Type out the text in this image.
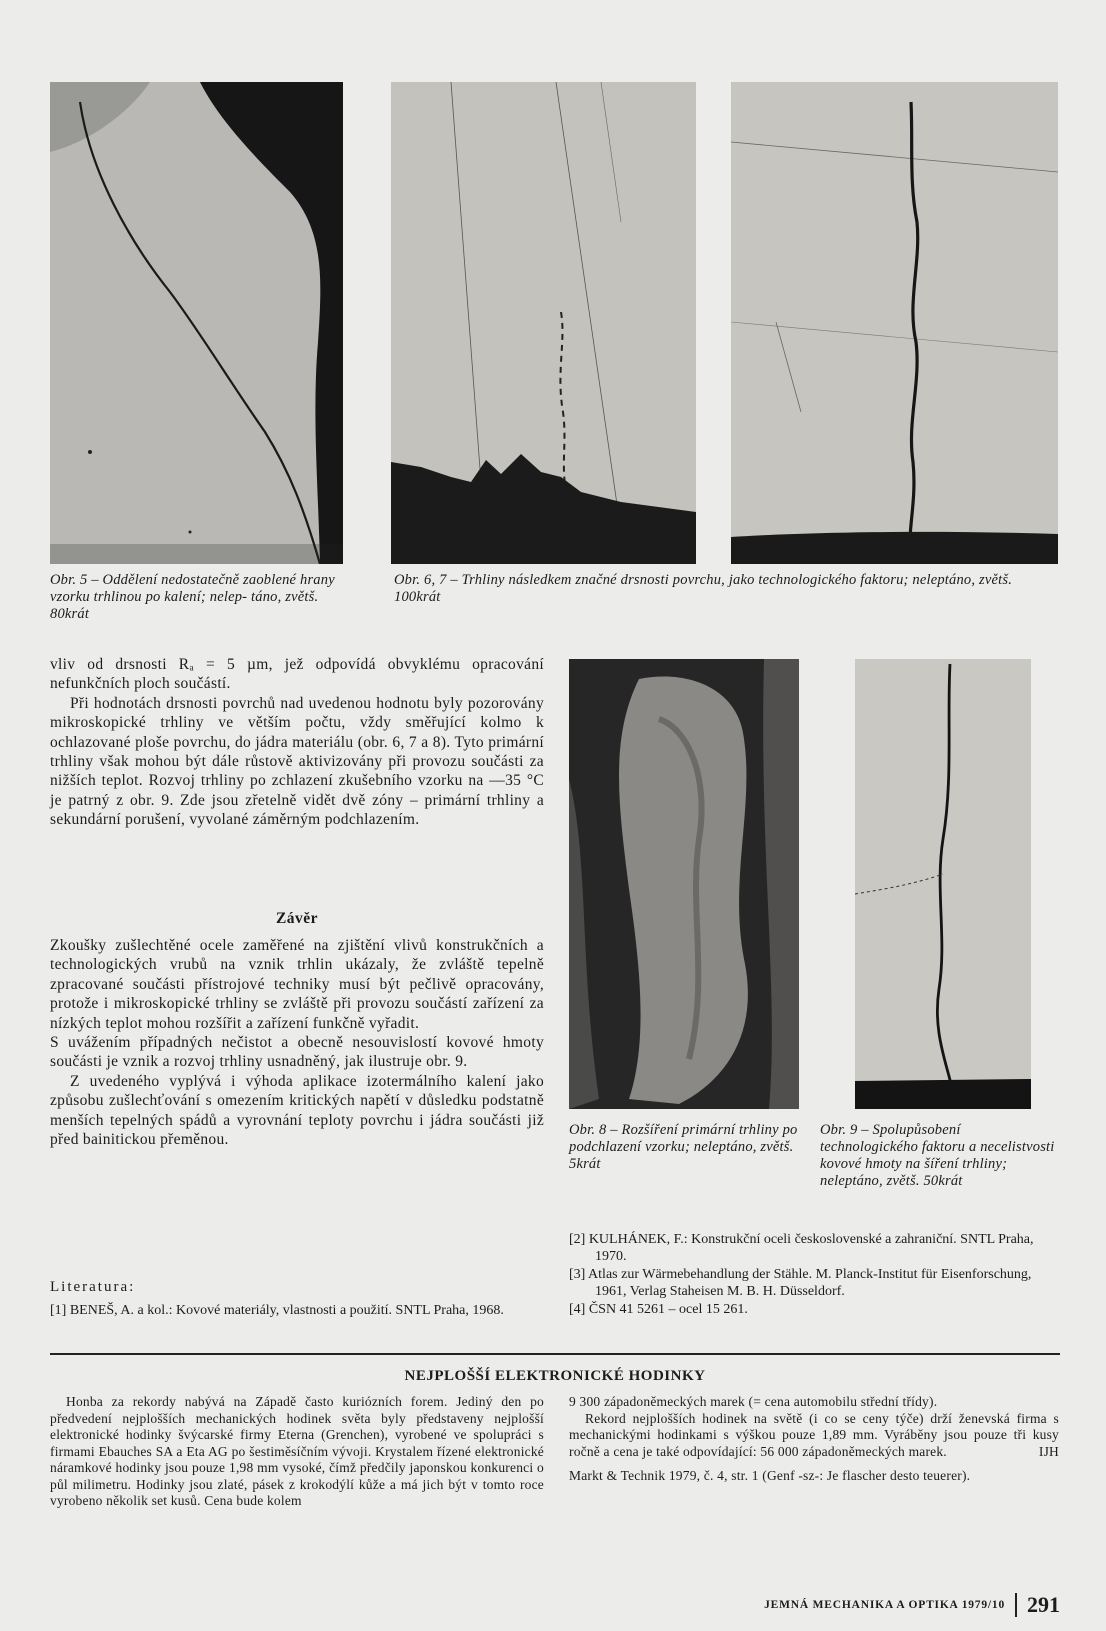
Obr. 5 – Oddělení nedostatečně zaoblené hrany vzorku trhlinou po kalení; nelep- táno, zvětš. 80krát
Obr. 6, 7 – Trhliny následkem značné drsnosti povrchu, jako technologického faktoru; neleptáno, zvětš. 100krát

vliv od drsnosti Rₐ = 5 µm, jež odpovídá obvyklému opracování nefunkčních ploch součástí.

Při hodnotách drsnosti povrchů nad uvedenou hodnotu byly pozorovány mikroskopické trhliny ve větším počtu, vždy směřující kolmo k ochlazované ploše povrchu, do jádra materiálu (obr. 6, 7 a 8). Tyto primární trhliny však mohou být dále růstově aktivizovány při provozu součásti za nižších teplot. Rozvoj trhliny po zchlazení zkušebního vzorku na —35 °C je patrný z obr. 9. Zde jsou zřetelně vidět dvě zóny – primární trhliny a sekundární porušení, vyvolané záměrným podchlazením.

Závěr

Zkoušky zušlechtěné ocele zaměřené na zjištění vlivů konstrukčních a technologických vrubů na vznik trhlin ukázaly, že zvláště tepelně zpracované součásti přístrojové techniky musí být pečlivě opracovány, protože i mikroskopické trhliny se zvláště při provozu součástí zařízení za nízkých teplot mohou rozšířit a zařízení funkčně vyřadit.

S uvážením případných nečistot a obecně nesouvislostí kovové hmoty součásti je vznik a rozvoj trhliny usnadněný, jak ilustruje obr. 9.

Z uvedeného vyplývá i výhoda aplikace izotermálního kalení jako způsobu zušlechťování s omezením kritických napětí v důsledku podstatně menších tepelných spádů a vyrovnání teploty povrchu i jádra součásti již před bainitickou přeměnou.

Literatura:

[1] BENEŠ, A. a kol.: Kovové materiály, vlastnosti a použití. SNTL Praha, 1968.

Obr. 8 – Rozšíření primární trhliny po podchlazení vzorku; neleptáno, zvětš. 5krát
Obr. 9 – Spolupůsobení technologického faktoru a necelistvosti kovové hmoty na šíření trhliny; neleptáno, zvětš. 50krát

[2] KULHÁNEK, F.: Konstrukční oceli československé a zahraniční. SNTL Praha, 1970.

[3] Atlas zur Wärmebehandlung der Stähle. M. Planck-Institut für Eisenforschung, 1961, Verlag Staheisen M. B. H. Düsseldorf.

[4] ČSN 41 5261 – ocel 15 261.

NEJPLOŠŠÍ ELEKTRONICKÉ HODINKY

Honba za rekordy nabývá na Západě často kuriózních forem. Jediný den po předvedení nejplošších mechanických hodinek světa byly představeny nejplošší elektronické hodinky švýcarské firmy Eterna (Grenchen), vyrobené ve spolupráci s firmami Ebauches SA a Eta AG po šestiměsíčním vývoji. Krystalem řízené elektronické náramkové hodinky jsou pouze 1,98 mm vysoké, čímž předčily japonskou konkurenci o půl milimetru. Hodinky jsou zlaté, pásek z krokodýlí kůže a má jich být v tomto roce vyrobeno několik set kusů. Cena bude kolem

9 300 západoněmeckých marek (= cena automobilu střední třídy).

Rekord nejplošších hodinek na světě (i co se ceny týče) drží ženevská firma s mechanickými hodinkami s výškou pouze 1,89 mm. Vyráběny jsou pouze tři kusy ročně a cena je také odpovídající: 56 000 západoněmeckých marek.	IJH

Markt & Technik 1979, č. 4, str. 1 (Genf -sz-: Je flascher desto teuerer).

JEMNÁ MECHANIKA A OPTIKA 1979/10 291
